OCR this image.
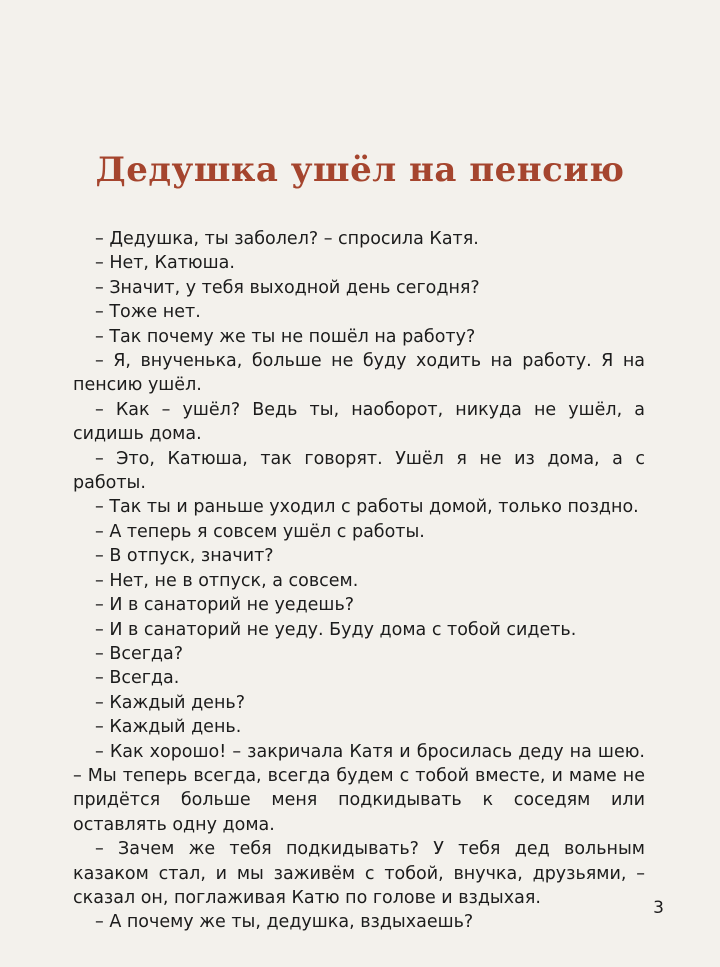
Дедушка ушёл на пенсию

– Дедушка, ты заболел? – спросила Катя.

– Нет, Катюша.

– Значит, у тебя выходной день сегодня?

– Тоже нет.

– Так почему же ты не пошёл на работу?

– Я, внученька, больше не буду ходить на работу. Я на пенсию ушёл.

– Как – ушёл? Ведь ты, наоборот, никуда не ушёл, а сидишь дома.

– Это, Катюша, так говорят. Ушёл я не из дома, а с работы.

– Так ты и раньше уходил с работы домой, только поздно.

– А теперь я совсем ушёл с работы.

– В отпуск, значит?

– Нет, не в отпуск, а совсем.

– И в санаторий не уедешь?

– И в санаторий не уеду. Буду дома с тобой сидеть.

– Всегда?

– Всегда.

– Каждый день?

– Каждый день.

– Как хорошо! – закричала Катя и бросилась деду на шею. – Мы теперь всегда, всегда будем с тобой вместе, и маме не придётся больше меня подкидывать к соседям или оставлять одну дома.

– Зачем же тебя подкидывать? У тебя дед вольным казаком стал, и мы заживём с тобой, внучка, друзьями, – сказал он, поглаживая Катю по голове и вздыхая.

– А почему же ты, дедушка, вздыхаешь?

3
